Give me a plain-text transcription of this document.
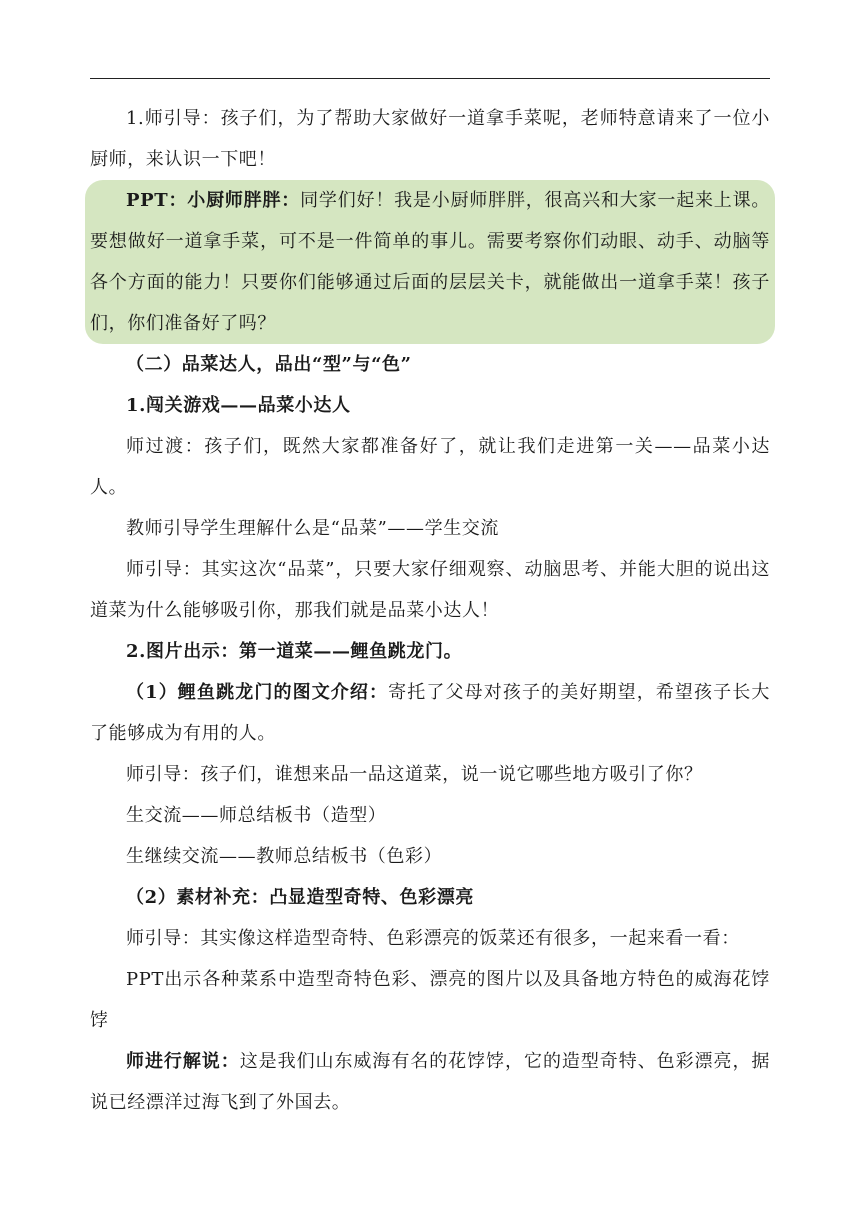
1.师引导：孩子们，为了帮助大家做好一道拿手菜呢，老师特意请来了一位小厨师，来认识一下吧！

PPT：小厨师胖胖：同学们好！我是小厨师胖胖，很高兴和大家一起来上课。要想做好一道拿手菜，可不是一件简单的事儿。需要考察你们动眼、动手、动脑等各个方面的能力！只要你们能够通过后面的层层关卡，就能做出一道拿手菜！孩子们，你们准备好了吗？

（二）品菜达人，品出“型”与“色”

1.闯关游戏——品菜小达人

师过渡：孩子们，既然大家都准备好了，就让我们走进第一关——品菜小达人。

教师引导学生理解什么是“品菜”——学生交流

师引导：其实这次“品菜”，只要大家仔细观察、动脑思考、并能大胆的说出这道菜为什么能够吸引你，那我们就是品菜小达人！

2.图片出示：第一道菜——鲤鱼跳龙门。

（1）鲤鱼跳龙门的图文介绍：寄托了父母对孩子的美好期望，希望孩子长大了能够成为有用的人。

师引导：孩子们，谁想来品一品这道菜，说一说它哪些地方吸引了你？

生交流——师总结板书（造型）

生继续交流——教师总结板书（色彩）

（2）素材补充：凸显造型奇特、色彩漂亮

师引导：其实像这样造型奇特、色彩漂亮的饭菜还有很多，一起来看一看：

PPT出示各种菜系中造型奇特色彩、漂亮的图片以及具备地方特色的威海花饽饽

师进行解说：这是我们山东威海有名的花饽饽，它的造型奇特、色彩漂亮，据说已经漂洋过海飞到了外国去。
